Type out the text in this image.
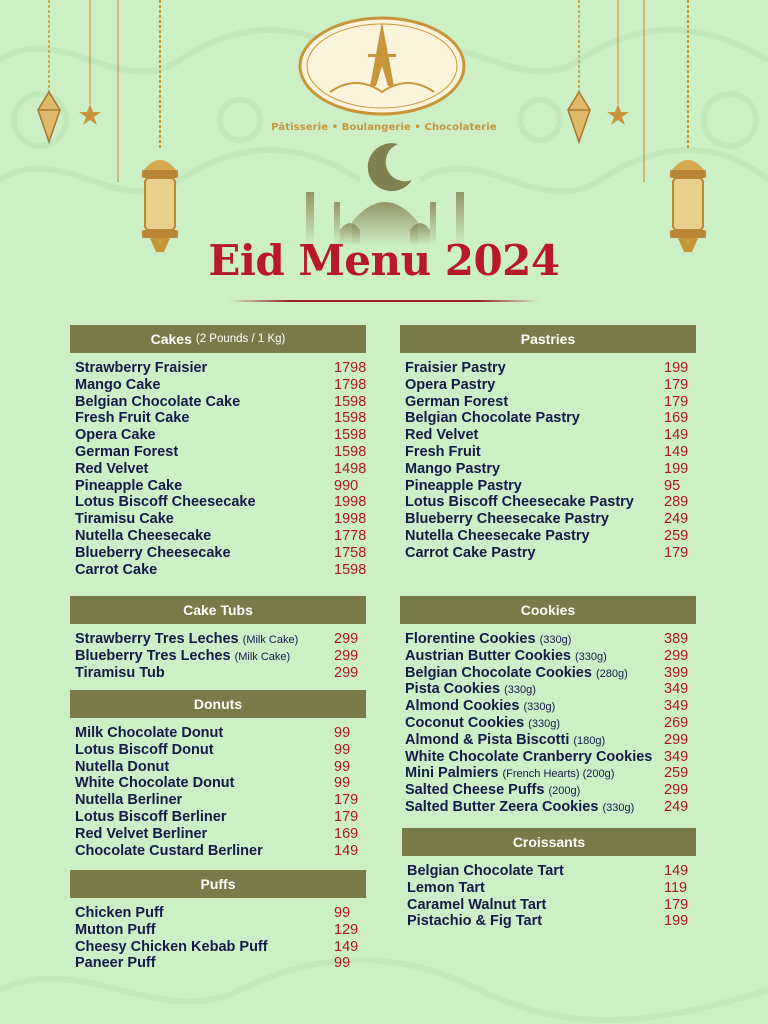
Pâtisserie • Boulangerie • Chocolaterie
Eid Menu 2024
Cakes (2 Pounds / 1 Kg)
Strawberry Fraisier	1798
Mango Cake	1798
Belgian Chocolate Cake	1598
Fresh Fruit Cake	1598
Opera Cake	1598
German Forest	1598
Red Velvet	1498
Pineapple Cake	990
Lotus Biscoff Cheesecake	1998
Tiramisu Cake	1998
Nutella Cheesecake	1778
Blueberry Cheesecake	1758
Carrot Cake	1598
Pastries
Fraisier Pastry	199
Opera Pastry	179
German Forest	179
Belgian Chocolate Pastry	169
Red Velvet	149
Fresh Fruit	149
Mango Pastry	199
Pineapple Pastry	95
Lotus Biscoff Cheesecake Pastry 289
Blueberry Cheesecake Pastry	249
Nutella Cheesecake Pastry	259
Carrot Cake Pastry	179
Cake Tubs
Strawberry Tres Leches (Milk Cake) 299
Blueberry Tres Leches (Milk Cake)	299
Tiramisu Tub	299
Donuts
Milk Chocolate Donut	99
Lotus Biscoff Donut	99
Nutella Donut	99
White Chocolate Donut	99
Nutella Berliner	179
Lotus Biscoff Berliner	179
Red Velvet Berliner	169
Chocolate Custard Berliner	149
Puffs
Chicken Puff	99
Mutton Puff	129
Cheesy Chicken Kebab Puff	149
Paneer Puff	99
Cookies
Florentine Cookies (330g)	389
Austrian Butter Cookies (330g)	299
Belgian Chocolate Cookies (280g) 399
Pista Cookies (330g)	349
Almond Cookies (330g)	349
Coconut Cookies (330g)	269
Almond & Pista Biscotti (180g)	299
White Chocolate Cranberry Cookies 349
Mini Palmiers (French Hearts) (200g)	259
Salted Cheese Puffs (200g)	299
Salted Butter Zeera Cookies (330g) 249
Croissants
Belgian Chocolate Tart	149
Lemon Tart	119
Caramel Walnut Tart	179
Pistachio & Fig Tart	199
